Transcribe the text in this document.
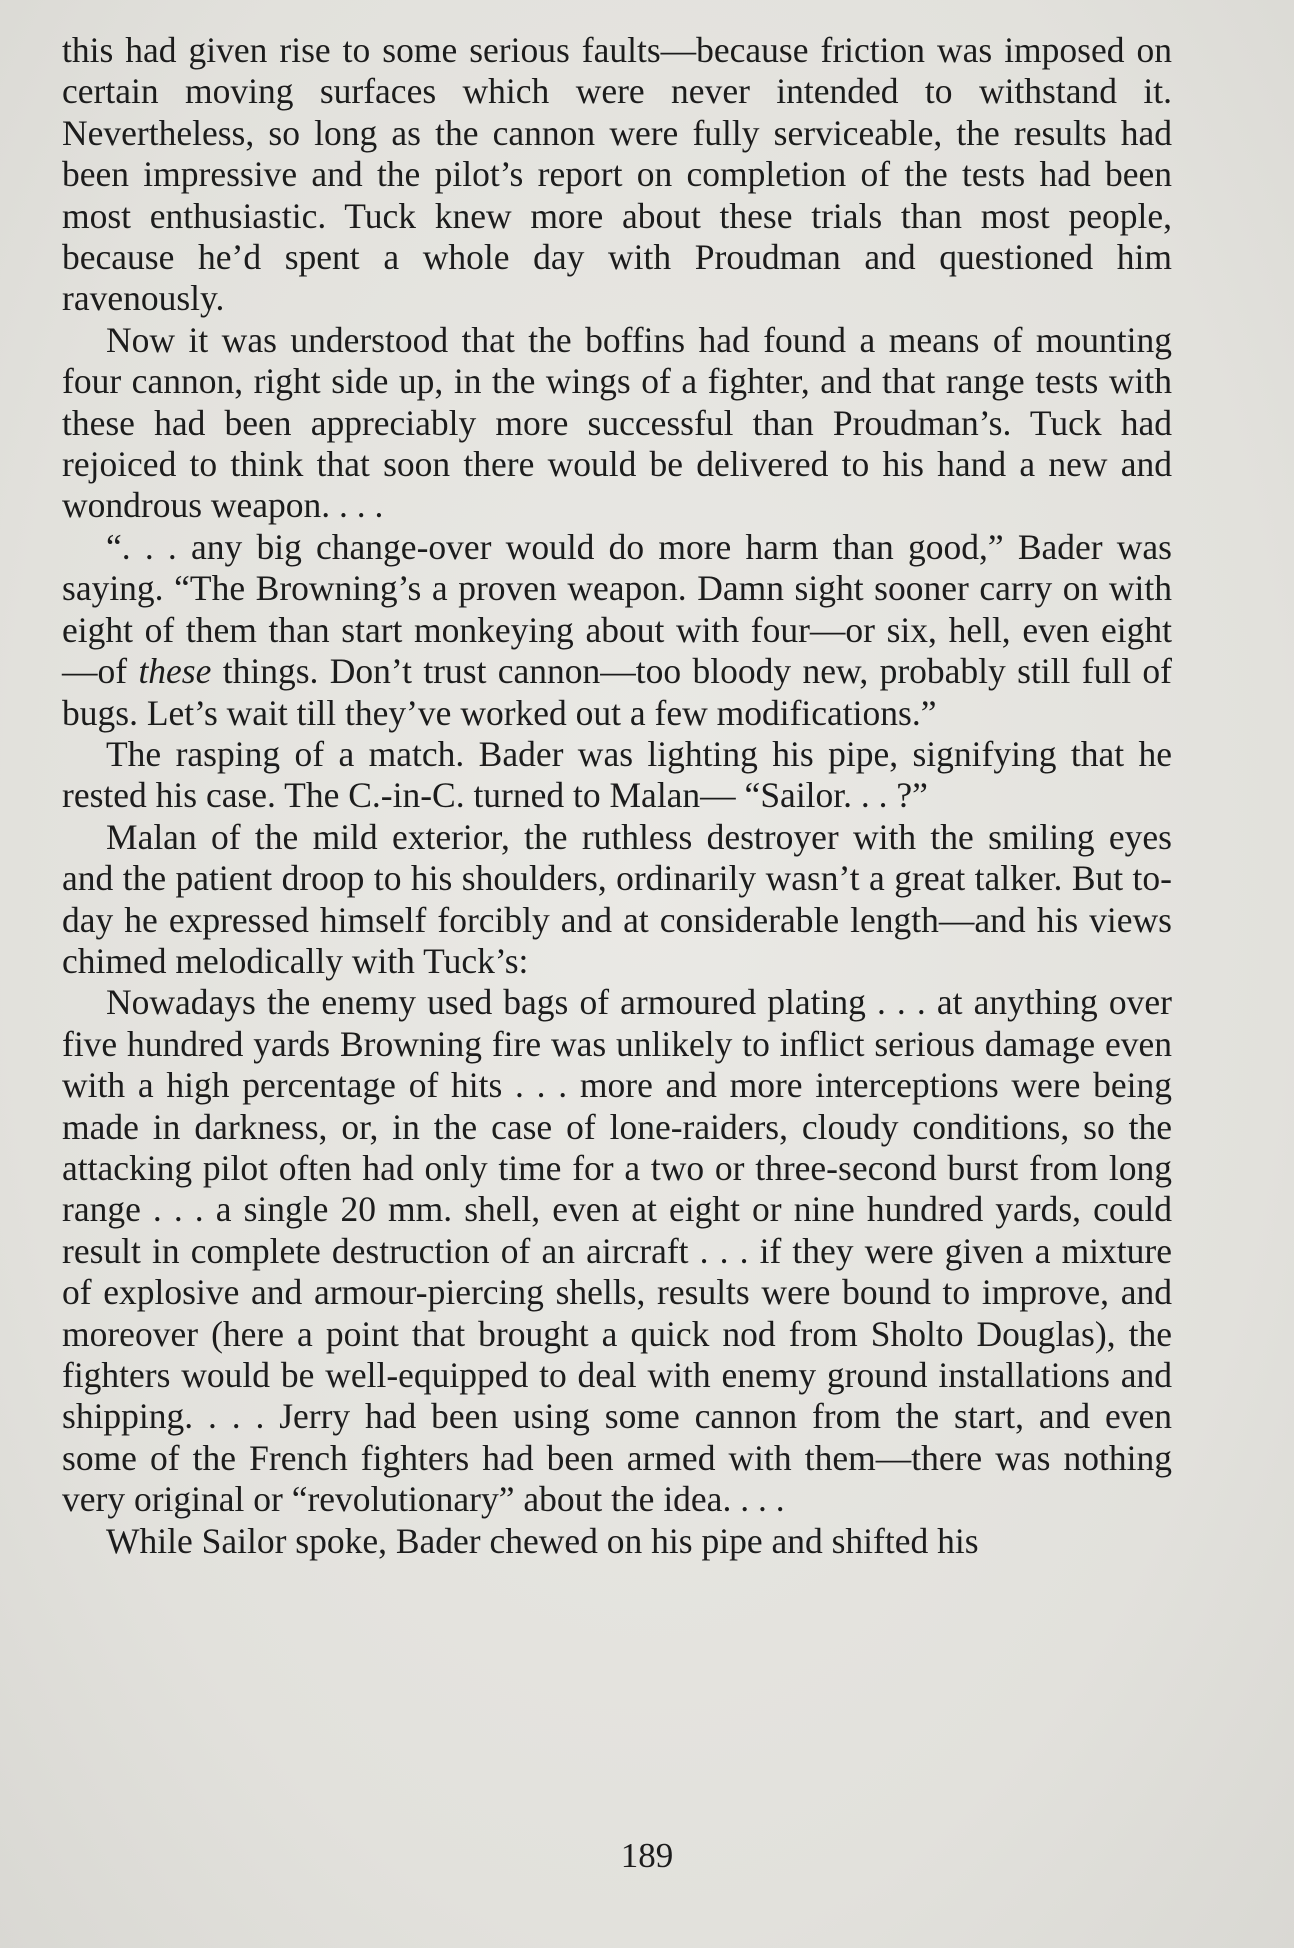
this had given rise to some serious faults—because friction was imposed on certain moving surfaces which were never intended to withstand it. Nevertheless, so long as the cannon were fully serviceable, the results had been impressive and the pilot’s report on completion of the tests had been most enthusiastic. Tuck knew more about these trials than most people, because he’d spent a whole day with Proudman and questioned him ravenously.

Now it was understood that the boffins had found a means of mounting four cannon, right side up, in the wings of a fighter, and that range tests with these had been appreciably more successful than Proudman’s. Tuck had rejoiced to think that soon there would be delivered to his hand a new and wondrous weapon. . . .

“. . . any big change-over would do more harm than good,” Bader was saying. “The Browning’s a proven weapon. Damn sight sooner carry on with eight of them than start monkeying about with four—or six, hell, even eight—of these things. Don’t trust cannon—too bloody new, probably still full of bugs. Let’s wait till they’ve worked out a few modifications.”

The rasping of a match. Bader was lighting his pipe, signifying that he rested his case. The C.-in-C. turned to Malan— “Sailor. . . ?”

Malan of the mild exterior, the ruthless destroyer with the smiling eyes and the patient droop to his shoulders, ordinarily wasn’t a great talker. But to-day he expressed himself forcibly and at considerable length—and his views chimed melodically with Tuck’s:

Nowadays the enemy used bags of armoured plating . . . at anything over five hundred yards Browning fire was unlikely to inflict serious damage even with a high percentage of hits . . . more and more interceptions were being made in darkness, or, in the case of lone-raiders, cloudy conditions, so the attacking pilot often had only time for a two or three-second burst from long range . . . a single 20 mm. shell, even at eight or nine hundred yards, could result in complete destruction of an aircraft . . . if they were given a mixture of explosive and armour-piercing shells, results were bound to improve, and moreover (here a point that brought a quick nod from Sholto Douglas), the fighters would be well-equipped to deal with enemy ground installations and shipping. . . . Jerry had been using some cannon from the start, and even some of the French fighters had been armed with them—there was nothing very original or “revolutionary” about the idea. . . .

While Sailor spoke, Bader chewed on his pipe and shifted his

189
